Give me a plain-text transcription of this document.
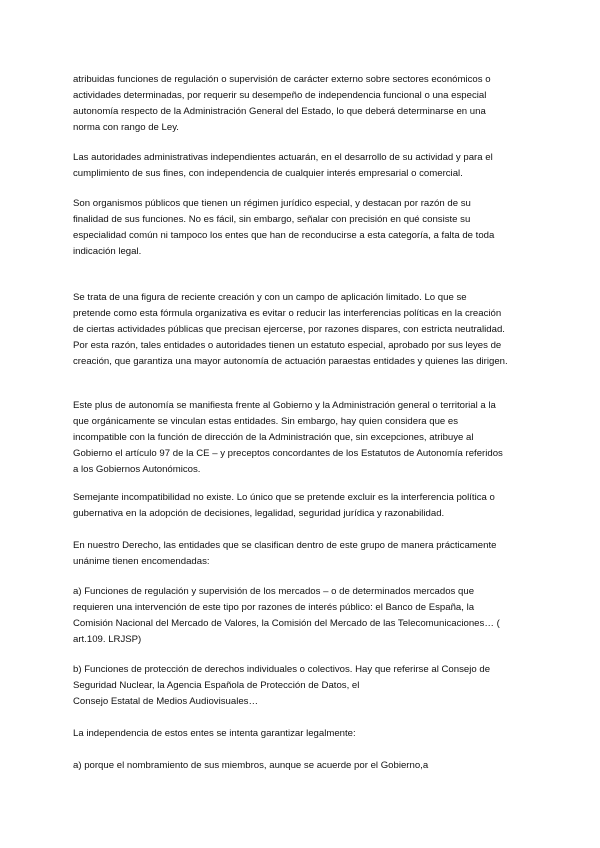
atribuidas funciones de regulación o supervisión de carácter externo sobre sectores económicos o
actividades determinadas, por requerir su desempeño de independencia funcional o una especial
autonomía respecto de la Administración General del Estado, lo que deberá determinarse en una
norma con rango de Ley.
Las autoridades administrativas independientes actuarán, en el desarrollo de su actividad y para el
cumplimiento de sus fines, con independencia de cualquier interés empresarial o comercial.
Son organismos públicos que tienen un régimen jurídico especial, y destacan por razón de su
finalidad de sus funciones. No es fácil, sin embargo, señalar con precisión en qué consiste su
especialidad común ni tampoco los entes que han de reconducirse a esta categoría, a falta de toda
indicación legal.
Se trata de una figura de reciente creación y con un campo de aplicación limitado. Lo que se
pretende como esta fórmula organizativa es evitar o reducir las interferencias políticas en la creación
de ciertas actividades públicas que precisan ejercerse, por razones dispares, con estricta neutralidad.
Por esta razón, tales entidades o autoridades tienen un estatuto especial, aprobado por sus leyes de
creación, que garantiza una mayor autonomía de actuación paraestas entidades y quienes las dirigen.
Este plus de autonomía se manifiesta frente al Gobierno y la Administración general o territorial a la
que orgánicamente se vinculan estas entidades. Sin embargo, hay quien considera que es
incompatible con la función de dirección de la Administración que, sin excepciones, atribuye al
Gobierno el artículo 97 de la CE – y preceptos concordantes de los Estatutos de Autonomía referidos
a los Gobiernos Autonómicos.
Semejante incompatibilidad no existe. Lo único que se pretende excluir es la interferencia política o
gubernativa en la adopción de decisiones, legalidad, seguridad jurídica y razonabilidad.
En nuestro Derecho, las entidades que se clasifican dentro de este grupo de manera prácticamente
unánime tienen encomendadas:
a) Funciones de regulación y supervisión de los mercados – o de determinados mercados que
requieren una intervención de este tipo por razones de interés público: el Banco de España, la
Comisión Nacional del Mercado de Valores, la Comisión del Mercado de las Telecomunicaciones… (
art.109. LRJSP)
b) Funciones de protección de derechos individuales o colectivos. Hay que referirse al Consejo de
Seguridad Nuclear, la Agencia Española de Protección de Datos, el
Consejo Estatal de Medios Audiovisuales…
La independencia de estos entes se intenta garantizar legalmente:
a) porque el nombramiento de sus miembros, aunque se acuerde por el Gobierno,a
